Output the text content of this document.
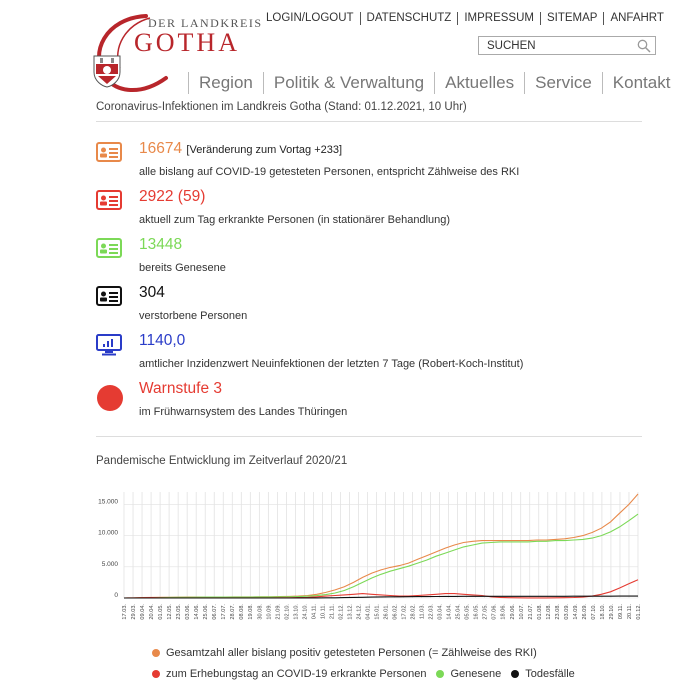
DER LANDKREIS
GOTHA
LOGIN/LOGOUT	DATENSCHUTZ	IMPRESSUM	SITEMAP	ANFAHRT
SUCHEN
Region	Politik & Verwaltung	Aktuelles	Service	Kontakt
Coronavirus-Infektionen im Landkreis Gotha (Stand: 01.12.2021, 10 Uhr)
16674 [Veränderung zum Vortag +233]
alle bislang auf COVID-19 getesteten Personen, entspricht Zählweise des RKI
2922 (59)
aktuell zum Tag erkrankte Personen (in stationärer Behandlung)
13448
bereits Genesene
304
verstorbene Personen
1140,0
amtlicher Inzidenzwert Neuinfektionen der letzten 7 Tage (Robert-Koch-Institut)
Warnstufe 3
im Frühwarnsystem des Landes Thüringen
Pandemische Entwicklung im Zeitverlauf 2020/21
17.03. 29.03. 09.04. 20.04. 01.05. 12.05. 23.05. 03.06. 14.06. 25.06. 06.07. 17.07. 28.07. 08.08. 19.08. 30.08. 10.09. 21.09. 02.10. 13.10. 24.10. 04.11. 10.11. 21.11. 02.12. 13.12. 24.12. 04.01. 15.01. 26.01. 06.02. 17.02. 28.02. 11.03. 22.03. 03.04. 14.04. 25.04. 05.05. 16.05. 27.05. 07.06. 18.06. 29.06. 10.07. 21.07. 01.08. 12.08. 23.08. 03.09. 14.09. 26.09. 07.10. 18.10. 29.10. 09.11. 20.11. 01.12.
0
5.000
10.000
15.000
Gesamtzahl aller bislang positiv getesteten Personen (= Zählweise des RKI)
zum Erhebungstag an COVID-19 erkrankte Personen Genesene Todesfälle
